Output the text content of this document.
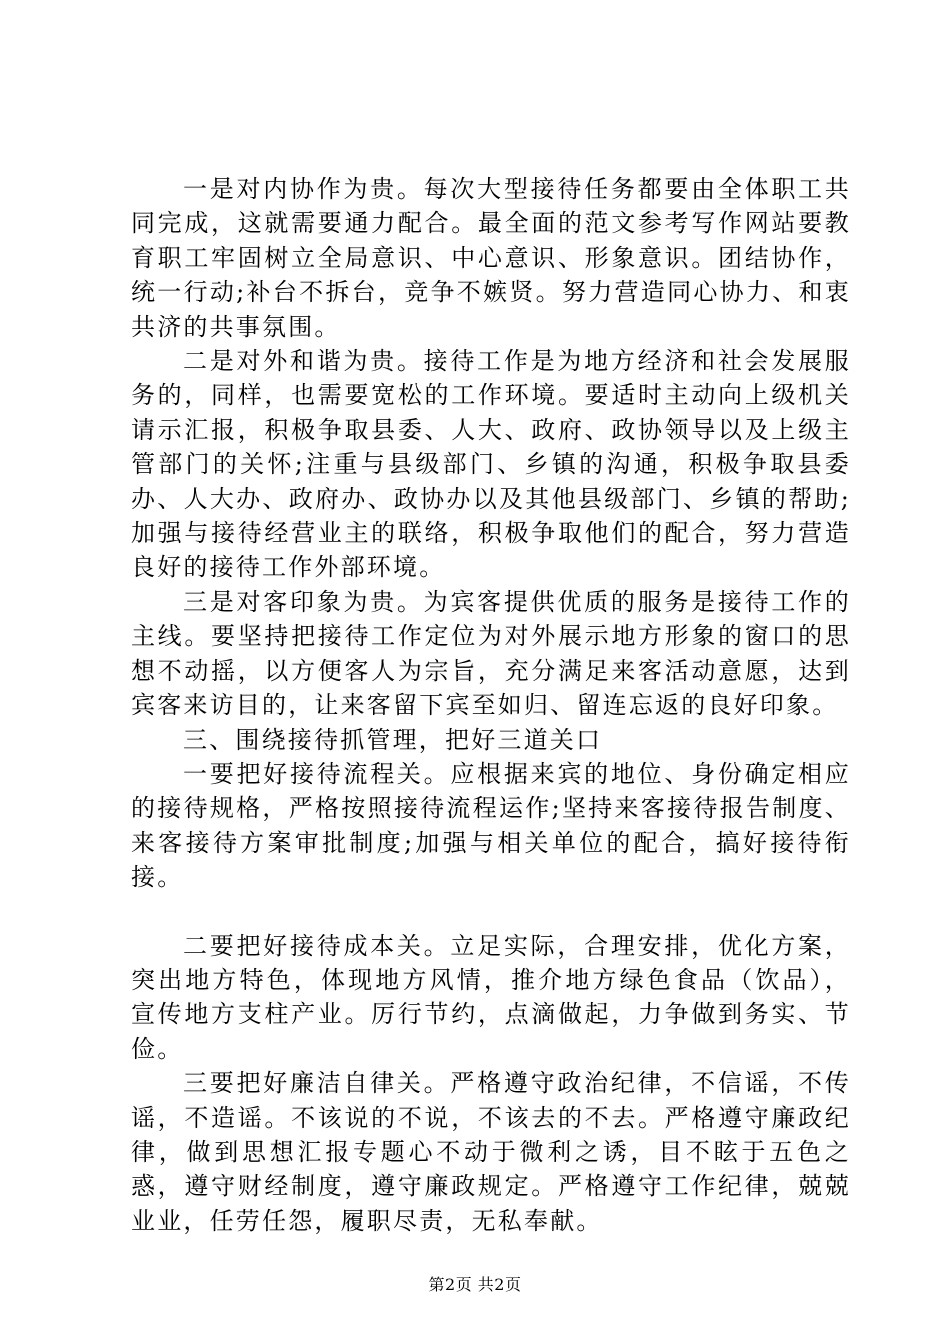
一是对内协作为贵。每次大型接待任务都要由全体职工共同完成，这就需要通力配合。最全面的范文参考写作网站要教育职工牢固树立全局意识、中心意识、形象意识。团结协作，统一行动;补台不拆台，竞争不嫉贤。努力营造同心协力、和衷共济的共事氛围。

二是对外和谐为贵。接待工作是为地方经济和社会发展服务的，同样，也需要宽松的工作环境。要适时主动向上级机关请示汇报，积极争取县委、人大、政府、政协领导以及上级主管部门的关怀;注重与县级部门、乡镇的沟通，积极争取县委办、人大办、政府办、政协办以及其他县级部门、乡镇的帮助;加强与接待经营业主的联络，积极争取他们的配合，努力营造良好的接待工作外部环境。

三是对客印象为贵。为宾客提供优质的服务是接待工作的主线。要坚持把接待工作定位为对外展示地方形象的窗口的思想不动摇，以方便客人为宗旨，充分满足来客活动意愿，达到宾客来访目的，让来客留下宾至如归、留连忘返的良好印象。

三、围绕接待抓管理，把好三道关口

一要把好接待流程关。应根据来宾的地位、身份确定相应的接待规格，严格按照接待流程运作;坚持来客接待报告制度、来客接待方案审批制度;加强与相关单位的配合，搞好接待衔接。

二要把好接待成本关。立足实际，合理安排，优化方案，突出地方特色，体现地方风情，推介地方绿色食品（饮品），宣传地方支柱产业。厉行节约，点滴做起，力争做到务实、节俭。

三要把好廉洁自律关。严格遵守政治纪律，不信谣，不传谣，不造谣。不该说的不说，不该去的不去。严格遵守廉政纪律，做到思想汇报专题心不动于微利之诱，目不眩于五色之惑，遵守财经制度，遵守廉政规定。严格遵守工作纪律，兢兢业业，任劳任怨，履职尽责，无私奉献。

第2页 共2页
